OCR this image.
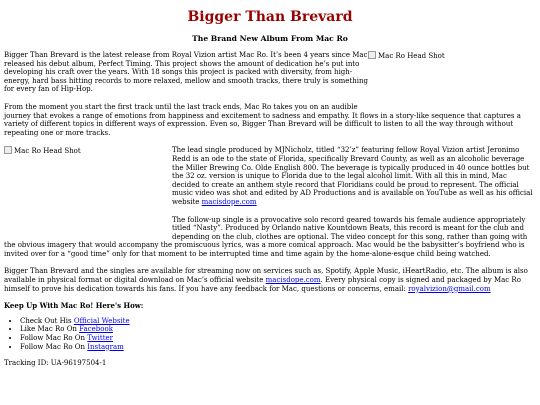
Bigger Than Brevard
The Brand New Album From Mac Ro
Mac Ro Head Shot

Bigger Than Brevard is the latest release from Royal Vizion artist Mac Ro. It’s been 4 years since Mac released his debut album, Perfect Timing. This project shows the amount of dedication he’s put into developing his craft over the years. With 18 songs this project is packed with diversity, from high-energy, hard bass hitting records to more relaxed, mellow and smooth tracks, there truly is something for every fan of Hip-Hop.

From the moment you start the first track until the last track ends, Mac Ro takes you on an audible journey that evokes a range of emotions from happiness and excitement to sadness and empathy. It flows in a story-like sequence that captures a variety of different topics in different ways of expression. Even so, Bigger Than Brevard will be difficult to listen to all the way through without repeating one or more tracks.

Mac Ro Head Shot	The lead single produced by MJNicholz, titled “32’z” featuring fellow Royal Vizion artist Jeronimo Redd is an ode to the state of Florida, specifically Brevard County, as well as an alcoholic beverage the Miller Brewing Co. Olde English 800. The beverage is typically produced in 40 ounce bottles but the 32 oz. version is unique to Florida due to the legal alcohol limit. With all this in mind, Mac decided to create an anthem style record that Floridians could be proud to represent. The official music video was shot and edited by AD Productions and is available on YouTube as well as his official website macisdope.com

The follow-up single is a provocative solo record geared towards his female audience appropriately titled “Nasty”. Produced by Orlando native Kountdown Beats, this record is meant for the club and depending on the club, clothes are optional. The video concept for this song, rather than going with the obvious imagery that would accompany the promiscuous lyrics, was a more comical approach. Mac would be the babysitter’s boyfriend who is invited over for a “good time” only for that moment to be interrupted time and time again by the home-alone-esque child being watched.

Bigger Than Brevard and the singles are available for streaming now on services such as, Spotify, Apple Music, iHeartRadio, etc. The album is also available in physical format or digital download on Mac’s official website macisdope.com. Every physical copy is signed and packaged by Mac Ro himself to prove his dedication towards his fans. If you have any feedback for Mac, questions or concerns, email: royalvizion@gmail.com

Keep Up With Mac Ro! Here's How:
• Check Out His Official Website
• Like Mac Ro On Facebook
• Follow Mac Ro On Twitter
• Follow Mac Ro On Instagram
Tracking ID: UA-96197504-1
